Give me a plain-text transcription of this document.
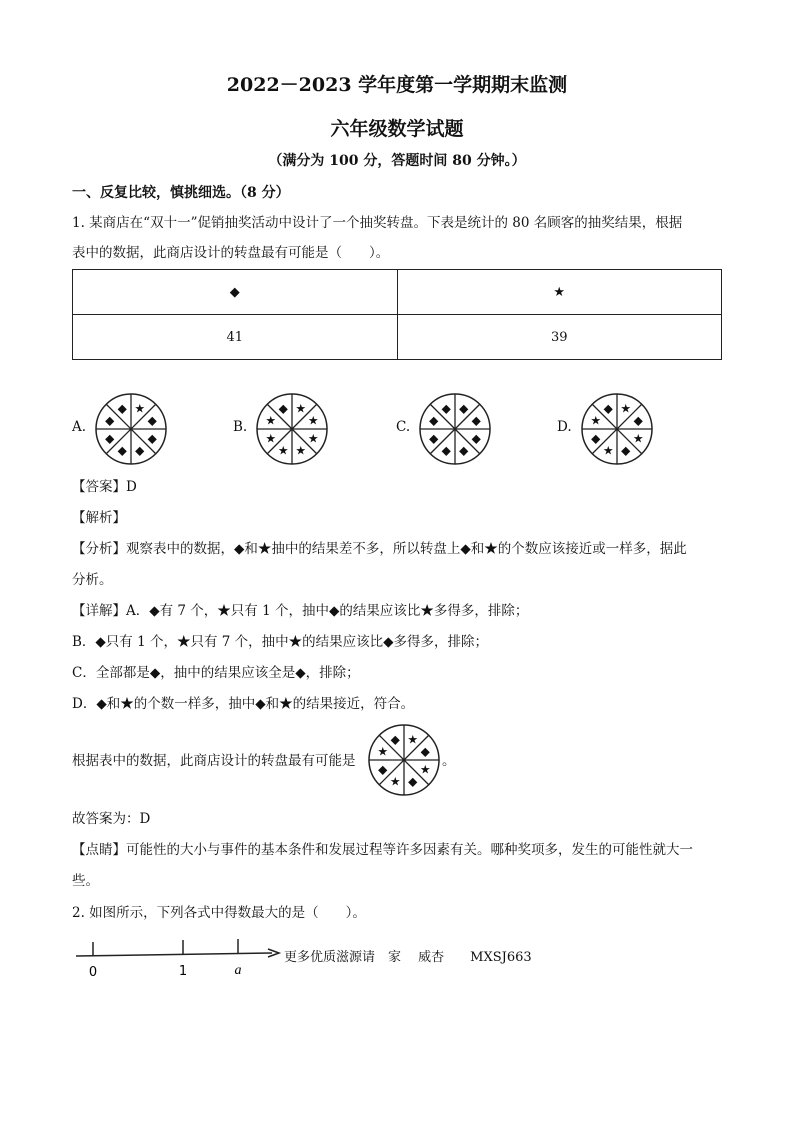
2022－2023 学年度第一学期期末监测
六年级数学试题
（满分为 100 分，答题时间 80 分钟。）
一、反复比较，慎挑细选。（8 分）
1. 某商店在“双十一”促销抽奖活动中设计了一个抽奖转盘。下表是统计的 80 名顾客的抽奖结果，根据
表中的数据，此商店设计的转盘最有可能是（　　）。
◆	★
41	39
A.
★
◆
◆
◆
◆
◆
◆
◆
B.
★
★
★
★
★
★
★
◆
C.
◆
◆
◆
◆
◆
◆
◆
◆
D.
★
◆
★
◆
★
◆
★
◆
【答案】D
【解析】
【分析】观察表中的数据，◆和★抽中的结果差不多，所以转盘上◆和★的个数应该接近或一样多，据此
分析。
【详解】A．◆有 7 个，★只有 1 个，抽中◆的结果应该比★多得多，排除；
B．◆只有 1 个，★只有 7 个，抽中★的结果应该比◆多得多，排除；
C．全部都是◆，抽中的结果应该全是◆，排除；
D．◆和★的个数一样多，抽中◆和★的结果接近，符合。
根据表中的数据，此商店设计的转盘最有可能是
★
◆
★
◆
★
◆
★
◆
。
故答案为：D
【点睛】可能性的大小与事件的基本条件和发展过程等许多因素有关。哪种奖项多，发生的可能性就大一
些。
2. 如图所示，下列各式中得数最大的是（　　）。
0	1	a
更多优质滋源请　家　 威杏　　MXSJ663
